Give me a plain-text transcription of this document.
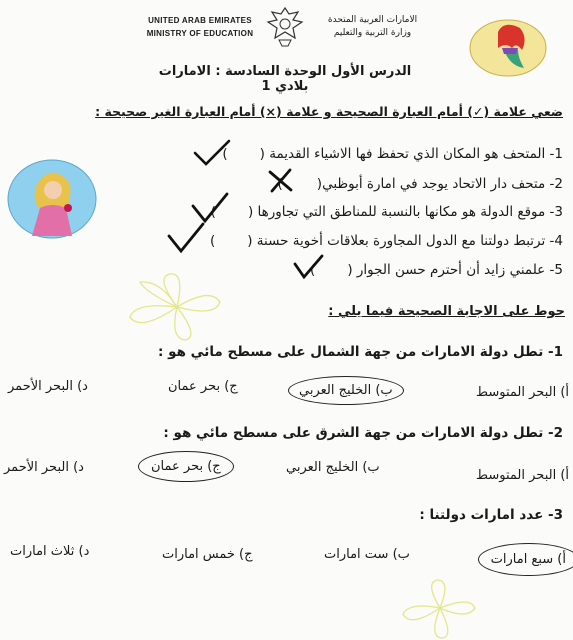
UNITED ARAB EMIRATES
MINISTRY OF EDUCATION
الامارات العربية المتحدة
وزارة التربية والتعليم
الدرس الأول الوحدة السادسة : الامارات بلادي 1
ضعي علامة (✓) أمام العبارة الصحيحة و علامة (×) أمام العبارة الغير صحيحة :
1- المتحف هو المكان الذي تحفظ فها الاشياء القديمة ()
2- متحف دار الاتحاد يوجد في امارة أبوظبي()
3- موقع الدولة هو مكانها بالنسبة للمناطق التي تجاورها ()
4- ترتبط دولتنا مع الدول المجاورة بعلاقات أخوية حسنة ()
5- علمني زايد أن أحترم حسن الجوار ()
حوط على الاجابة الصحيحة فيما يلي :
1- تطل دولة الامارات من جهة الشمال على مسطح مائي هو :
أ) البحر المتوسط
ب) الخليج العربي
ج) بحر عمان
د) البحر الأحمر
2- تطل دولة الامارات من جهة الشرق على مسطح مائي هو :
أ) البحر المتوسط
ب) الخليج العربي
ج) بحر عمان
د) البحر الأحمر
3- عدد امارات دولتنا :
أ) سبع امارات
ب) ست امارات
ج) خمس امارات
د) ثلاث امارات
